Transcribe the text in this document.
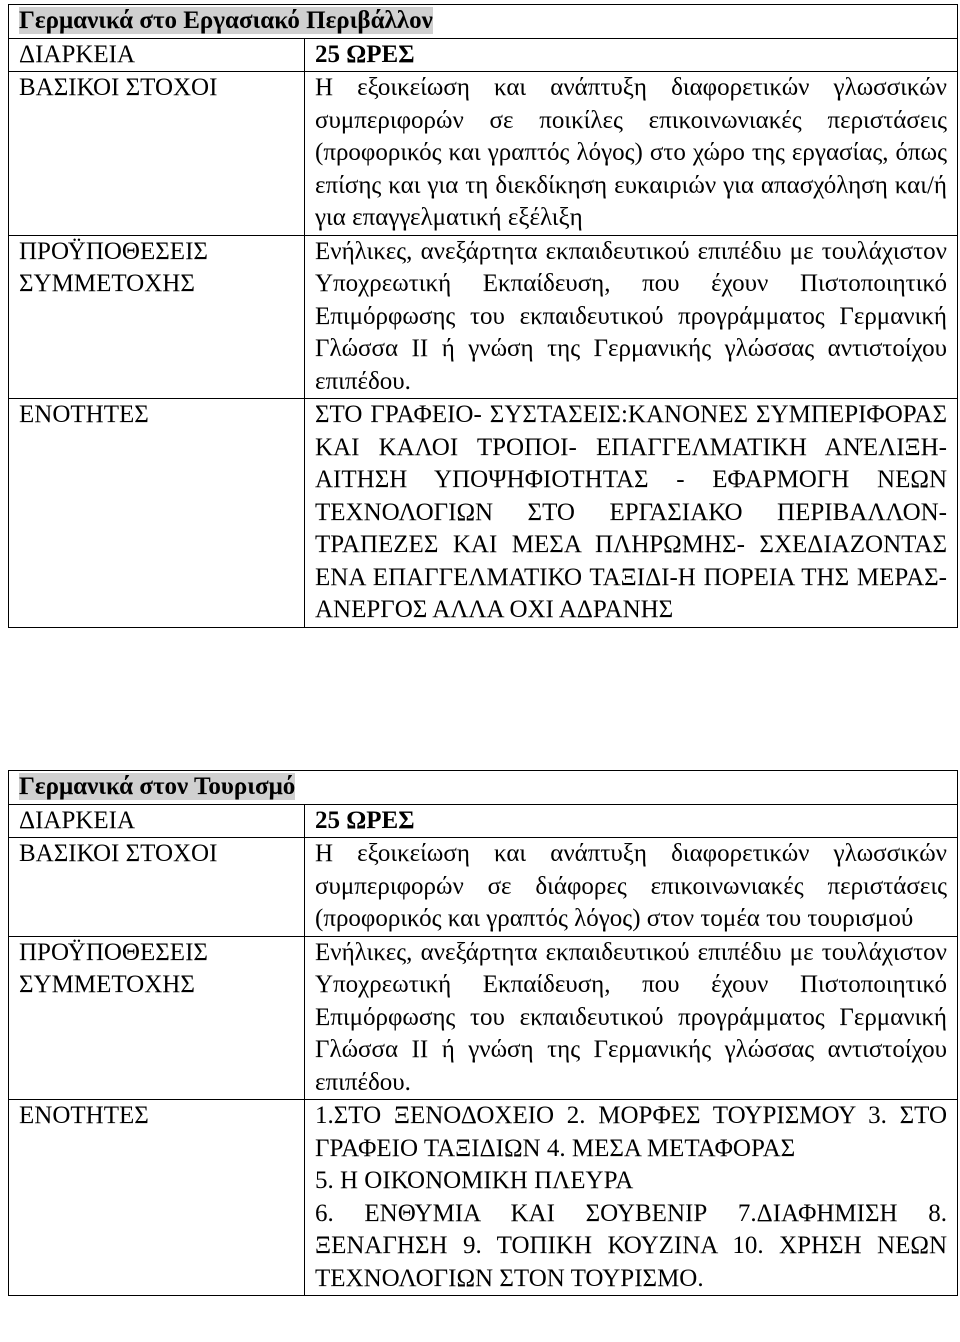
Γερμανικά στο Εργασιακό Περιβάλλον	
ΔΙΑΡΚΕΙΑ	25 ΩΡΕΣ
ΒΑΣΙΚΟΙ ΣΤΟΧΟΙ	Η εξοικείωση και ανάπτυξη διαφορετικών γλωσσικών συμπεριφορών σε ποικίλες επικοινωνιακές περιστάσεις (προφορικός και γραπτός λόγος) στο χώρο της εργασίας, όπως επίσης και για τη διεκδίκηση ευκαιριών για απασχόληση και/ή για επαγγελματική εξέλιξη

ΠΡΟΫΠΟΘΕΣΕΙΣ
ΣΥΜΜΕΤΟΧΗΣ	Ενήλικες, ανεξάρτητα εκπαιδευτικού επιπέδιυ με τουλάχιστον Υποχρεωτική Εκπαίδευση, που έχουν Πιστοποιητικό Επιμόρφωσης του εκπαιδευτικού προγράμματος Γερμανική Γλώσσα ΙΙ ή γνώση της Γερμανικής γλώσσας αντιστοίχου επιπέδου.
ΕΝΟΤΗΤΕΣ	ΣΤΟ ΓΡΑΦΕΙΟ- ΣΥΣΤΑΣΕΙΣ:ΚΑΝΟΝΕΣ ΣΥΜΠΕΡΙΦΟΡΑΣ ΚΑΙ ΚΑΛΟΙ ΤΡΟΠΟΙ- ΕΠΑΓΓΕΛΜΑΤΙΚΗ ΑΝΈΛΙΞΗ- ΑΙΤΗΣΗ ΥΠΟΨΗΦΙΟΤΗΤΑΣ - ΕΦΑΡΜΟΓΗ ΝΕΩΝ ΤΕΧΝΟΛΟΓΙΩΝ ΣΤΟ ΕΡΓΑΣΙΑΚΟ ΠΕΡΙΒΑΛΛΟΝ- ΤΡΑΠΕΖΕΣ ΚΑΙ ΜΕΣΑ ΠΛΗΡΩΜΗΣ- ΣΧΕΔΙΑΖΟΝΤΑΣ ΕΝΑ ΕΠΑΓΓΕΛΜΑΤΙΚΟ ΤΑΞΙΔΙ-Η ΠΟΡΕΙΑ ΤΗΣ ΜΕΡΑΣ- ΑΝΕΡΓΟΣ ΑΛΛΑ ΟΧΙ ΑΔΡΑΝΗΣ
Γερμανικά στον Τουρισμό	
ΔΙΑΡΚΕΙΑ	25 ΩΡΕΣ
ΒΑΣΙΚΟΙ ΣΤΟΧΟΙ	Η εξοικείωση και ανάπτυξη διαφορετικών γλωσσικών συμπεριφορών σε διάφορες επικοινωνιακές περιστάσεις (προφορικός και γραπτός λόγος) στον τομέα του τουρισμού

ΠΡΟΫΠΟΘΕΣΕΙΣ
ΣΥΜΜΕΤΟΧΗΣ	Ενήλικες, ανεξάρτητα εκπαιδευτικού επιπέδιυ με τουλάχιστον Υποχρεωτική Εκπαίδευση, που έχουν Πιστοποιητικό Επιμόρφωσης του εκπαιδευτικού προγράμματος Γερμανική Γλώσσα ΙΙ ή γνώση της Γερμανικής γλώσσας αντιστοίχου επιπέδου.
ΕΝΟΤΗΤΕΣ	1.ΣΤΟ ΞΕΝΟΔΟΧΕΙΟ 2. ΜΟΡΦΕΣ ΤΟΥΡΙΣΜΟΥ 3. ΣΤΟ ΓΡΑΦΕΙΟ ΤΑΞΙΔΙΩΝ 4. ΜΕΣΑ ΜΕΤΑΦΟΡΑΣ
5. Η ΟΙΚΟΝΟΜΙΚΗ ΠΛΕΥΡΑ
6. ΕΝΘΥΜΙΑ ΚΑΙ ΣΟΥΒΕΝΙΡ 7.ΔΙΑΦΗΜΙΣΗ 8. ΞΕΝΑΓΗΣΗ 9. ΤΟΠΙΚΗ ΚΟΥΖΙΝΑ 10. ΧΡΗΣΗ ΝΕΩΝ ΤΕΧΝΟΛΟΓΙΩΝ ΣΤΟΝ ΤΟΥΡΙΣΜΟ.
